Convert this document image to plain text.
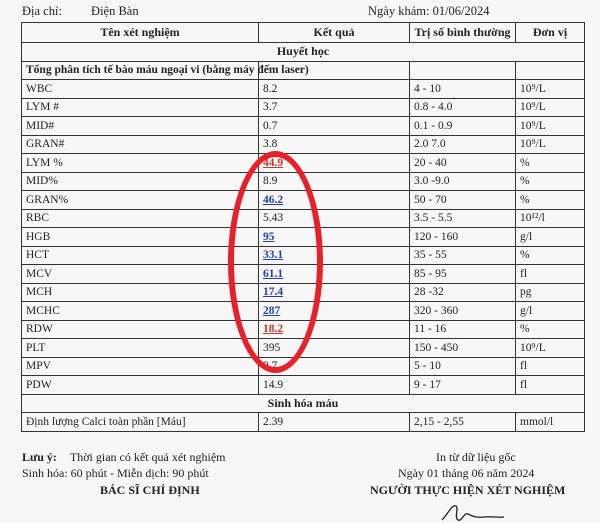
Địa chỉ: Điện Bàn	Ngày khám: 01/06/2024
Tên xét nghiệm	Kết quả	Trị số bình thường	Đơn vị
Huyết học			
Tổng phân tích tế bào máu ngoại vi (bằng máy đếm laser)			
WBC	8.2	4 - 10	10⁹/L
LYM #	3.7	0.8 - 4.0	10⁹/L
MID#	0.7	0.1 - 0.9	10⁹/L
GRAN#	3.8	2.0 7.0	10⁹/L
LYM %	44.9	20 - 40	%
MID%	8.9	3.0 -9.0	%
GRAN%	46.2	50 - 70	%
RBC	5.43	3.5 - 5.5	10¹²/l
HGB	95	120 - 160	g/l
HCT	33.1	35 - 55	%
MCV	61.1	85 - 95	fl
MCH	17.4	28 -32	pg
MCHC	287	320 - 360	g/l
RDW	18.2	11 - 16	%
PLT	395	150 - 450	10⁹/L
MPV	9.7	5 - 10	fl
PDW	14.9	9 - 17	fl
Sinh hóa máu			
Định lượng Calci toàn phần [Máu]	2.39	2,15 - 2,55	mmol/l
Lưu ý: Thời gian có kết quả xét nghiệm	In từ dữ liệu gốc
Sinh hóa: 60 phút - Miễn dịch: 90 phút	Ngày 01 tháng 06 năm 2024
BÁC SĨ CHỈ ĐỊNH	NGƯỜI THỰC HIỆN XÉT NGHIỆM
